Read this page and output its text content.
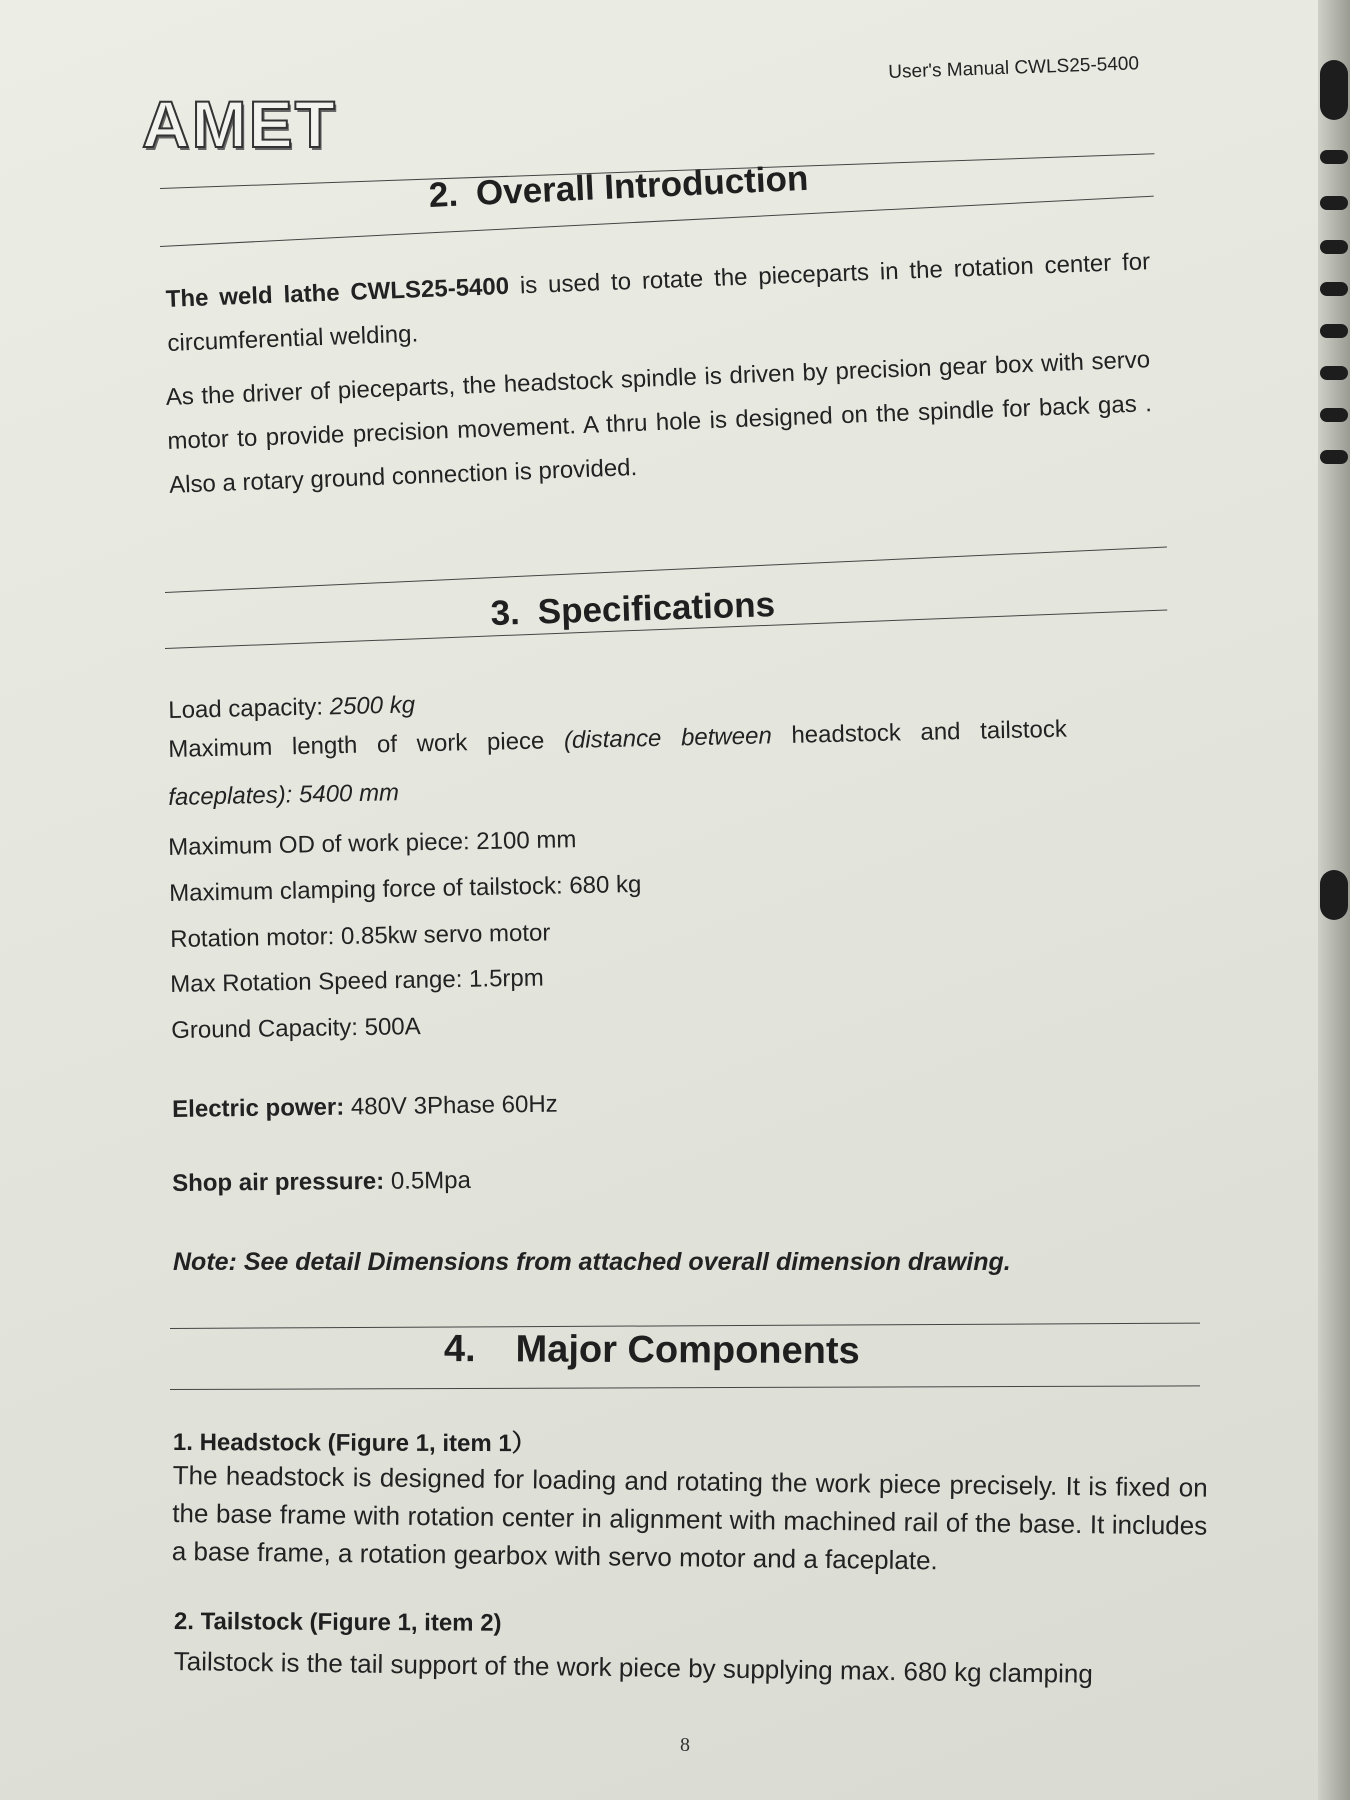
User's Manual CWLS25-5400

AMET

2. Overall Introduction

The weld lathe CWLS25-5400 is used to rotate the pieceparts in the rotation center for circumferential welding.

As the driver of pieceparts, the headstock spindle is driven by precision gear box with servo motor to provide precision movement. A thru hole is designed on the spindle for back gas . Also a rotary ground connection is provided.

3. Specifications

Load capacity: 2500 kg

Maximum length of work piece (distance between headstock and tailstock

faceplates): 5400 mm

Maximum OD of work piece: 2100 mm

Maximum clamping force of tailstock: 680 kg

Rotation motor: 0.85kw servo motor

Max Rotation Speed range: 1.5rpm

Ground Capacity: 500A

Electric power: 480V 3Phase 60Hz

Shop air pressure: 0.5Mpa

Note: See detail Dimensions from attached overall dimension drawing.

4. Major Components

1. Headstock (Figure 1, item 1）

The headstock is designed for loading and rotating the work piece precisely. It is fixed on the base frame with rotation center in alignment with machined rail of the base. It includes a base frame, a rotation gearbox with servo motor and a faceplate.

2. Tailstock (Figure 1, item 2)

Tailstock is the tail support of the work piece by supplying max. 680 kg clamping

8
